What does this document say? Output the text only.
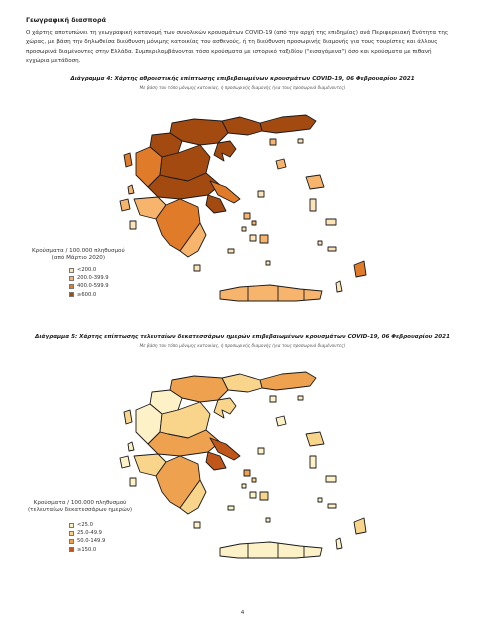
Γεωγραφική διασπορά
Ο χάρτης αποτυπώνει τη γεωγραφική κατανομή των συνολικών κρουσμάτων COVID-19 (από την αρχή της επιδημίας) ανά Περιφερειακή Ενότητα της χώρας, με βάση την δηλωθείσα διεύθυνση μόνιμης κατοικίας του ασθενούς, ή τη διεύθυνση προσωρινής διαμονής για τους τουρίστες και άλλους προσωρινά διαμένοντες στην Ελλάδα. Συμπεριλαμβάνονται τόσο κρούσματα με ιστορικό ταξιδίου ("εισαγόμενα") όσο και κρούσματα με πιθανή εγχώρια μετάδοση.
Διάγραμμα 4: Χάρτης αθροιστικής επίπτωσης επιβεβαιωμένων κρουσμάτων COVID-19, 06 Φεβρουαρίου 2021
Με βάση τον τόπο μόνιμης κατοικίας, ή προσωρινής διαμονής (για τους προσωρινά διαμένοντες)
Κρούσματα / 100.000 πληθυσμού
(από Μάρτιο 2020)
<200.0
200.0-399.9
400.0-599.9
≥600.0
Διάγραμμα 5: Χάρτης επίπτωσης τελευταίων δεκατεσσάρων ημερών επιβεβαιωμένων κρουσμάτων COVID-19, 06 Φεβρουαρίου 2021
Με βάση τον τόπο μόνιμης κατοικίας, ή προσωρινής διαμονής (για τους προσωρινά διαμένοντες)
Κρούσματα / 100.000 πληθυσμού
(τελευταίων δεκατεσσάρων ημερών)
<25.0
25.0-49.9
50.0-149.9
≥150.0
4
